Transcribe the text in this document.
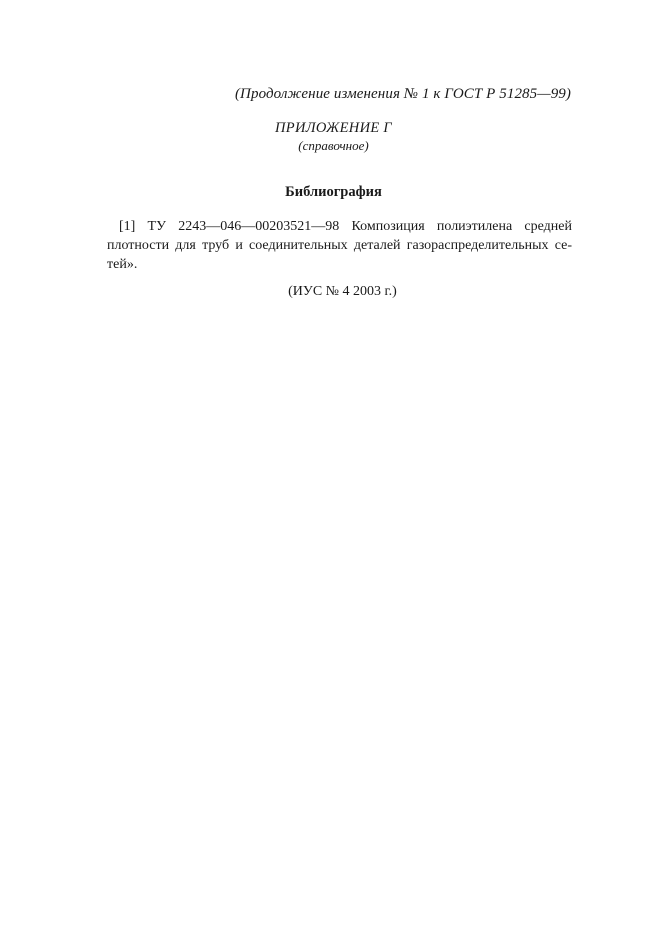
(Продолжение изменения № 1 к ГОСТ Р 51285—99)
ПРИЛОЖЕНИЕ Г
(справочное)
Библиография
[1] ТУ 2243—046—00203521—98 Композиция полиэтилена средней плотности для труб и соединительных деталей газораспределительных се-тей».
(ИУС № 4 2003 г.)
